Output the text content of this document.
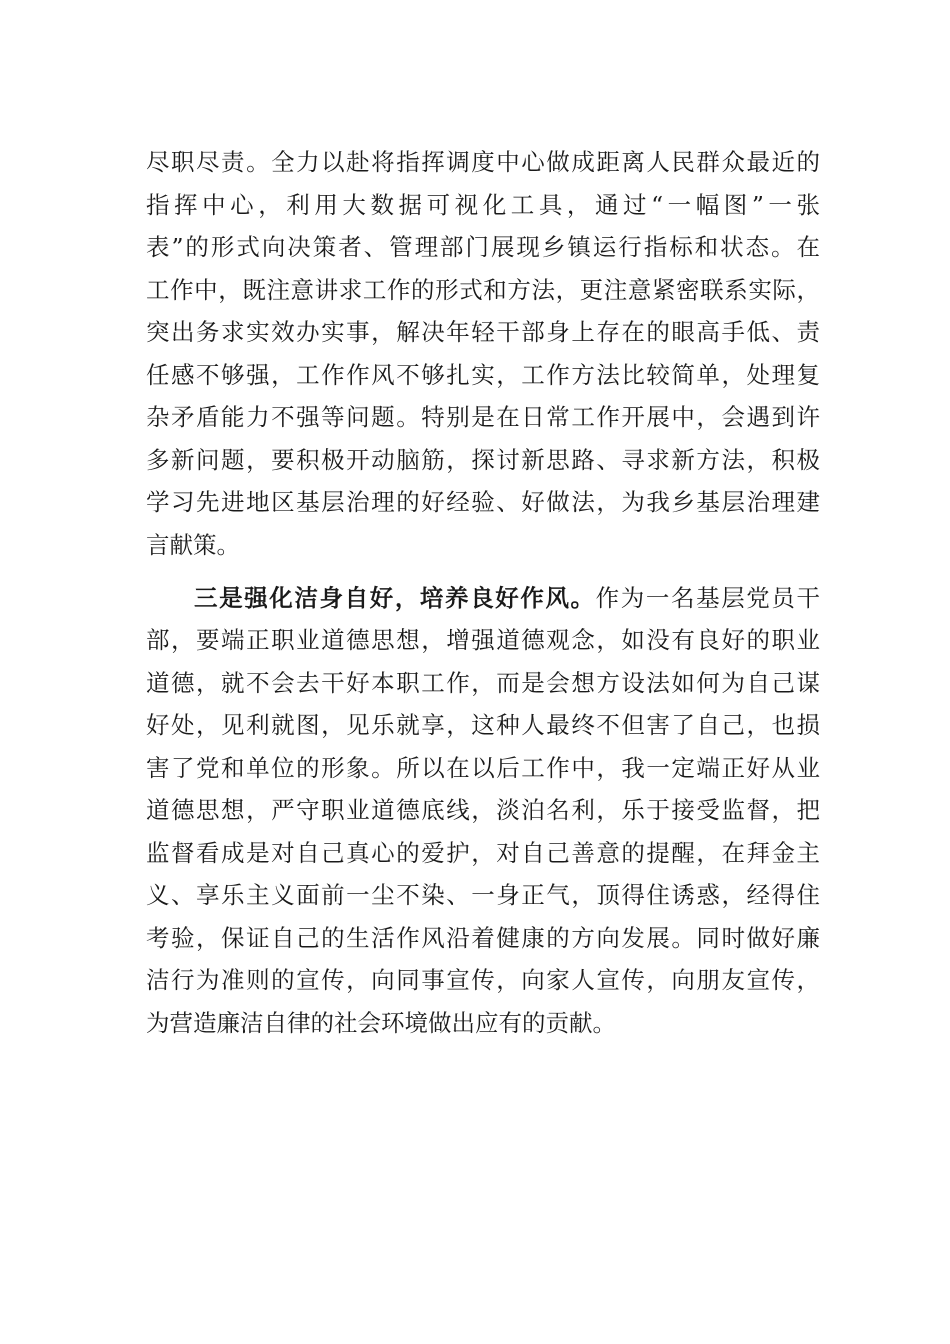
尽职尽责。全力以赴将指挥调度中心做成距离人民群众最近的
指挥中心，利用大数据可视化工具，通过“一幅图”一张
表”的形式向决策者、管理部门展现乡镇运行指标和状态。在
工作中，既注意讲求工作的形式和方法，更注意紧密联系实际，
突出务求实效办实事，解决年轻干部身上存在的眼高手低、责
任感不够强，工作作风不够扎实，工作方法比较简单，处理复
杂矛盾能力不强等问题。特别是在日常工作开展中，会遇到许
多新问题，要积极开动脑筋，探讨新思路、寻求新方法，积极
学习先进地区基层治理的好经验、好做法，为我乡基层治理建
言献策。
三是强化洁身自好，培养良好作风。作为一名基层党员干
部，要端正职业道德思想，增强道德观念，如没有良好的职业
道德，就不会去干好本职工作，而是会想方设法如何为自己谋
好处，见利就图，见乐就享，这种人最终不但害了自己，也损
害了党和单位的形象。所以在以后工作中，我一定端正好从业
道德思想，严守职业道德底线，淡泊名利，乐于接受监督，把
监督看成是对自己真心的爱护，对自己善意的提醒，在拜金主
义、享乐主义面前一尘不染、一身正气，顶得住诱惑，经得住
考验，保证自己的生活作风沿着健康的方向发展。同时做好廉
洁行为准则的宣传，向同事宣传，向家人宣传，向朋友宣传，
为营造廉洁自律的社会环境做出应有的贡献。
